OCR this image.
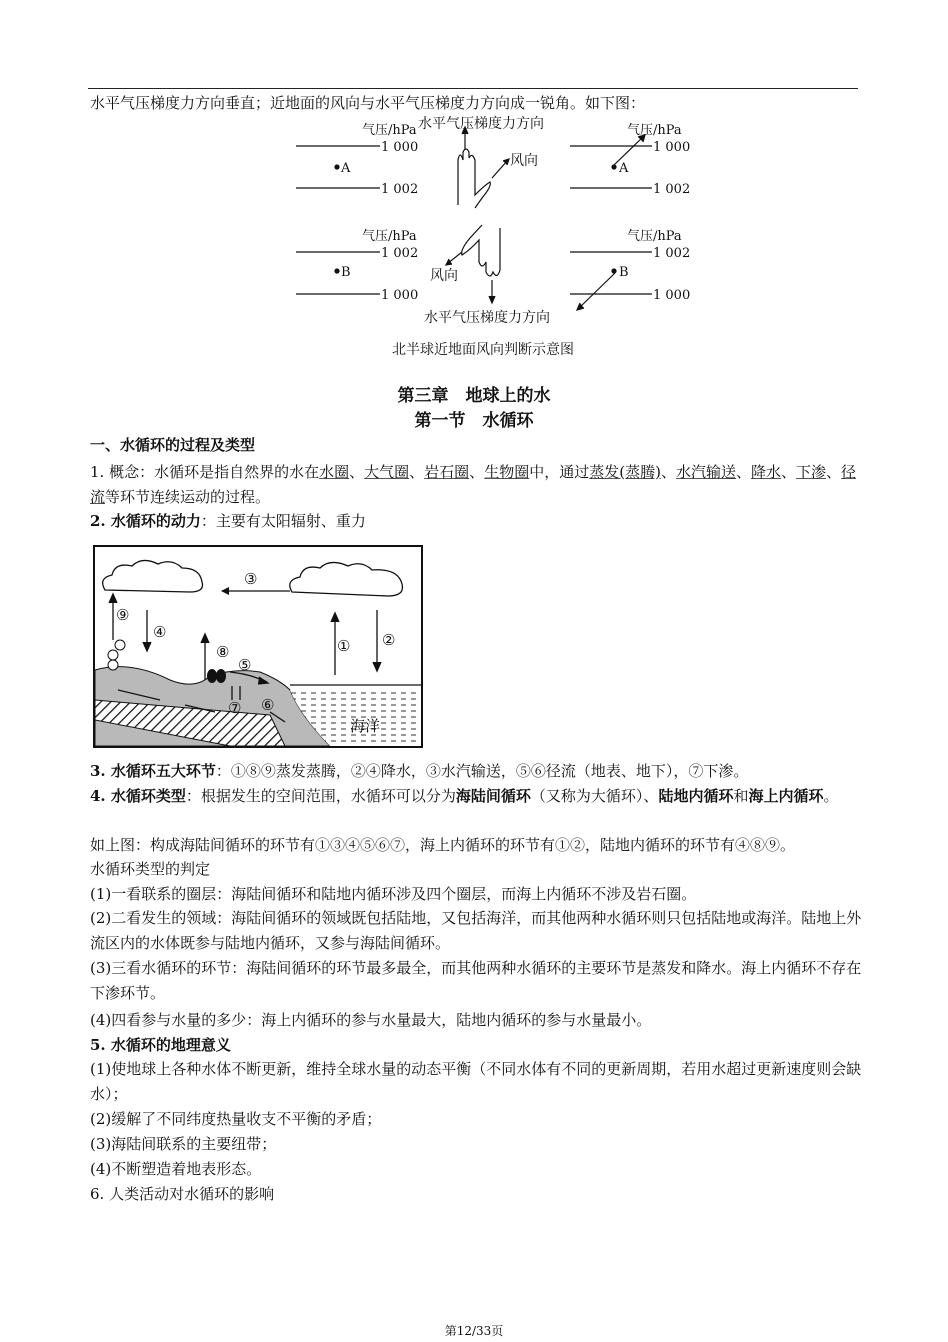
水平气压梯度力方向垂直；近地面的风向与水平气压梯度力方向成一锐角。如下图：
气压/hPa 水平气压梯度力方向
1 000
1 002
A	风向
气压/hPa
1 000
1 002
A
气压/hPa
1 002
1 000
B	风向
气压/hPa
1 002
1 000
B
水平气压梯度力方向
北半球近地面风向判断示意图
① ②
③
④
⑤
⑥
⑦
⑧
⑨
海洋
第三章　地球上的水
第一节　水循环
一、水循环的过程及类型
1. 概念：水循环是指自然界的水在水圈、大气圈、岩石圈、生物圈中，通过蒸发(蒸腾)、水汽输送、降水、下渗、径流等环节连续运动的过程。
2. 水循环的动力：主要有太阳辐射、重力
3. 水循环五大环节：①⑧⑨蒸发蒸腾，②④降水，③水汽输送，⑤⑥径流（地表、地下），⑦下渗。
4. 水循环类型：根据发生的空间范围，水循环可以分为海陆间循环（又称为大循环）、陆地内循环和海上内循环。
如上图：构成海陆间循环的环节有①③④⑤⑥⑦，海上内循环的环节有①②，陆地内循环的环节有④⑧⑨。
水循环类型的判定
(1)一看联系的圈层：海陆间循环和陆地内循环涉及四个圈层，而海上内循环不涉及岩石圈。
(2)二看发生的领域：海陆间循环的领域既包括陆地，又包括海洋，而其他两种水循环则只包括陆地或海洋。陆地上外流区内的水体既参与陆地内循环，又参与海陆间循环。
(3)三看水循环的环节：海陆间循环的环节最多最全，而其他两种水循环的主要环节是蒸发和降水。海上内循环不存在下渗环节。
(4)四看参与水量的多少：海上内循环的参与水量最大，陆地内循环的参与水量最小。
5. 水循环的地理意义
(1)使地球上各种水体不断更新，维持全球水量的动态平衡（不同水体有不同的更新周期，若用水超过更新速度则会缺水）；
(2)缓解了不同纬度热量收支不平衡的矛盾；
(3)海陆间联系的主要纽带；
(4)不断塑造着地表形态。
6. 人类活动对水循环的影响
第12/33页
